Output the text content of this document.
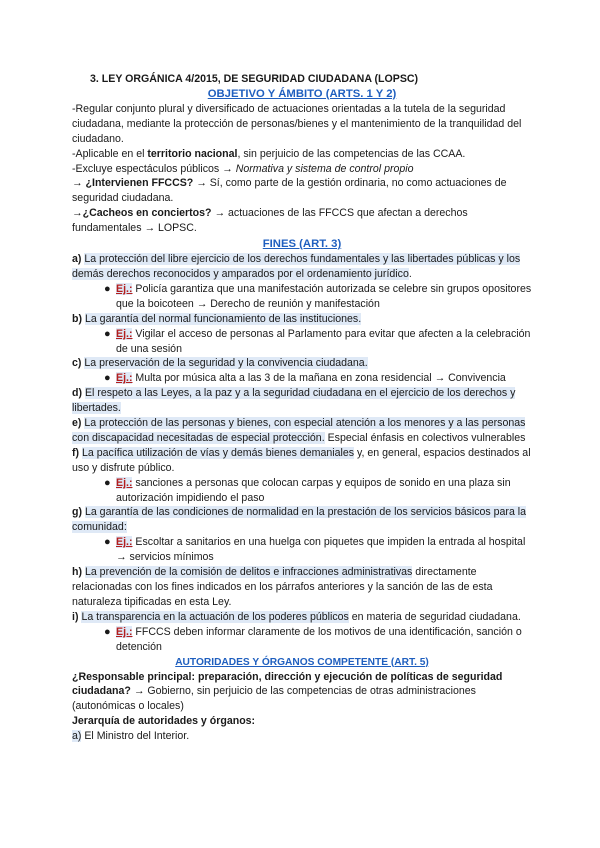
3. LEY ORGÁNICA 4/2015, DE SEGURIDAD CIUDADANA (LOPSC)

OBJETIVO Y ÁMBITO (ARTS. 1 Y 2)

-Regular conjunto plural y diversificado de actuaciones orientadas a la tutela de la seguridad ciudadana, mediante la protección de personas/bienes y el mantenimiento de la tranquilidad del ciudadano.

-Aplicable en el territorio nacional, sin perjuicio de las competencias de las CCAA.

-Excluye espectáculos públicos → Normativa y sistema de control propio

→ ¿Intervienen FFCCS? → Sí, como parte de la gestión ordinaria, no como actuaciones de seguridad ciudadana.

→¿Cacheos en conciertos? → actuaciones de las FFCCS que afectan a derechos fundamentales → LOPSC.

FINES (ART. 3)

a) La protección del libre ejercicio de los derechos fundamentales y las libertades públicas y los demás derechos reconocidos y amparados por el ordenamiento jurídico.

● Ej.: Policía garantiza que una manifestación autorizada se celebre sin grupos opositores que la boicoteen → Derecho de reunión y manifestación

b) La garantía del normal funcionamiento de las instituciones.

● Ej.: Vigilar el acceso de personas al Parlamento para evitar que afecten a la celebración de una sesión

c) La preservación de la seguridad y la convivencia ciudadana.

● Ej.: Multa por música alta a las 3 de la mañana en zona residencial → Convivencia

d) El respeto a las Leyes, a la paz y a la seguridad ciudadana en el ejercicio de los derechos y libertades.

e) La protección de las personas y bienes, con especial atención a los menores y a las personas con discapacidad necesitadas de especial protección. Especial énfasis en colectivos vulnerables

f) La pacífica utilización de vías y demás bienes demaniales y, en general, espacios destinados al uso y disfrute público.

● Ej.: sanciones a personas que colocan carpas y equipos de sonido en una plaza sin autorización impidiendo el paso

g) La garantía de las condiciones de normalidad en la prestación de los servicios básicos para la comunidad:

● Ej.: Escoltar a sanitarios en una huelga con piquetes que impiden la entrada al hospital → servicios mínimos

h) La prevención de la comisión de delitos e infracciones administrativas directamente relacionadas con los fines indicados en los párrafos anteriores y la sanción de las de esta naturaleza tipificadas en esta Ley.

i) La transparencia en la actuación de los poderes públicos en materia de seguridad ciudadana.

● Ej.: FFCCS deben informar claramente de los motivos de una identificación, sanción o detención

AUTORIDADES Y ÓRGANOS COMPETENTE (ART. 5)

¿Responsable principal: preparación, dirección y ejecución de políticas de seguridad ciudadana? → Gobierno, sin perjuicio de las competencias de otras administraciones (autonómicas o locales)

Jerarquía de autoridades y órganos:

a) El Ministro del Interior.
